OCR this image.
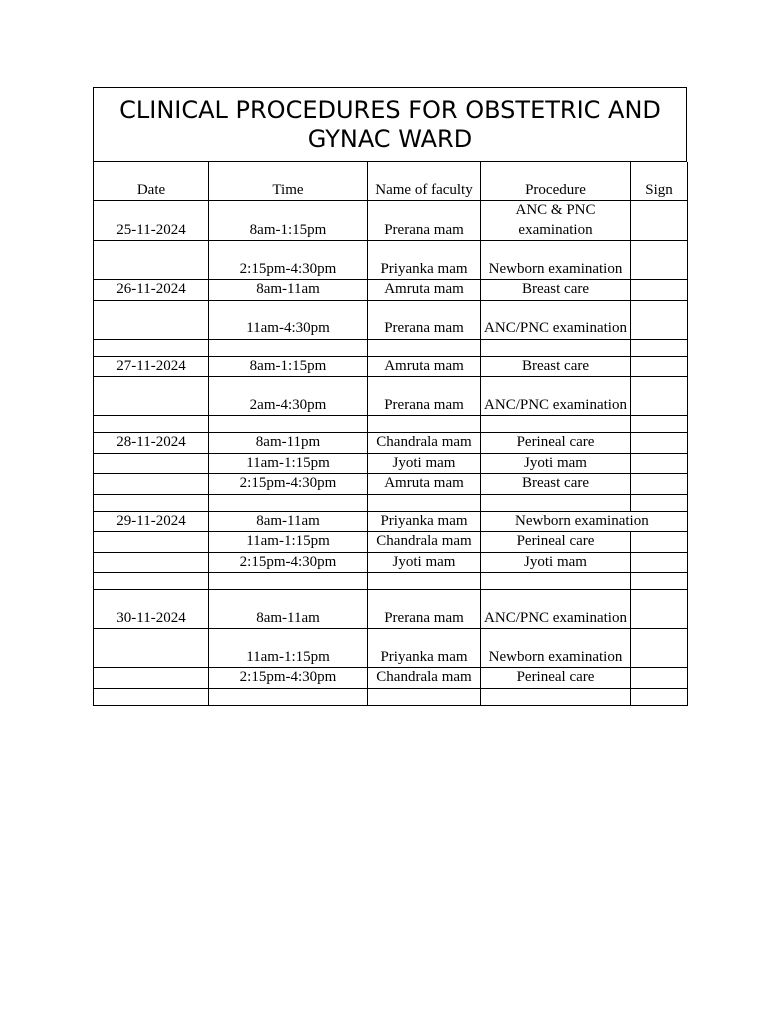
CLINICAL PROCEDURES FOR OBSTETRIC AND GYNAC WARD
Date	Time	Name of faculty	Procedure	Sign
25-11-2024	8am-1:15pm	Prerana mam	ANC & PNC examination	
	2:15pm-4:30pm	Priyanka mam	Newborn examination	
26-11-2024	8am-11am	Amruta mam	Breast care	
	11am-4:30pm	Prerana mam	ANC/PNC examination	

27-11-2024	8am-1:15pm	Amruta mam	Breast care	
	2am-4:30pm	Prerana mam	ANC/PNC examination	

28-11-2024	8am-11pm	Chandrala mam	Perineal care	
	11am-1:15pm	Jyoti mam	Jyoti mam	
	2:15pm-4:30pm	Amruta mam	Breast care	

29-11-2024	8am-11am	Priyanka mam	Newborn examination	
	11am-1:15pm	Chandrala mam	Perineal care	
	2:15pm-4:30pm	Jyoti mam	Jyoti mam	

30-11-2024	8am-11am	Prerana mam	ANC/PNC examination	
	11am-1:15pm	Priyanka mam	Newborn examination	
	2:15pm-4:30pm	Chandrala mam	Perineal care	
